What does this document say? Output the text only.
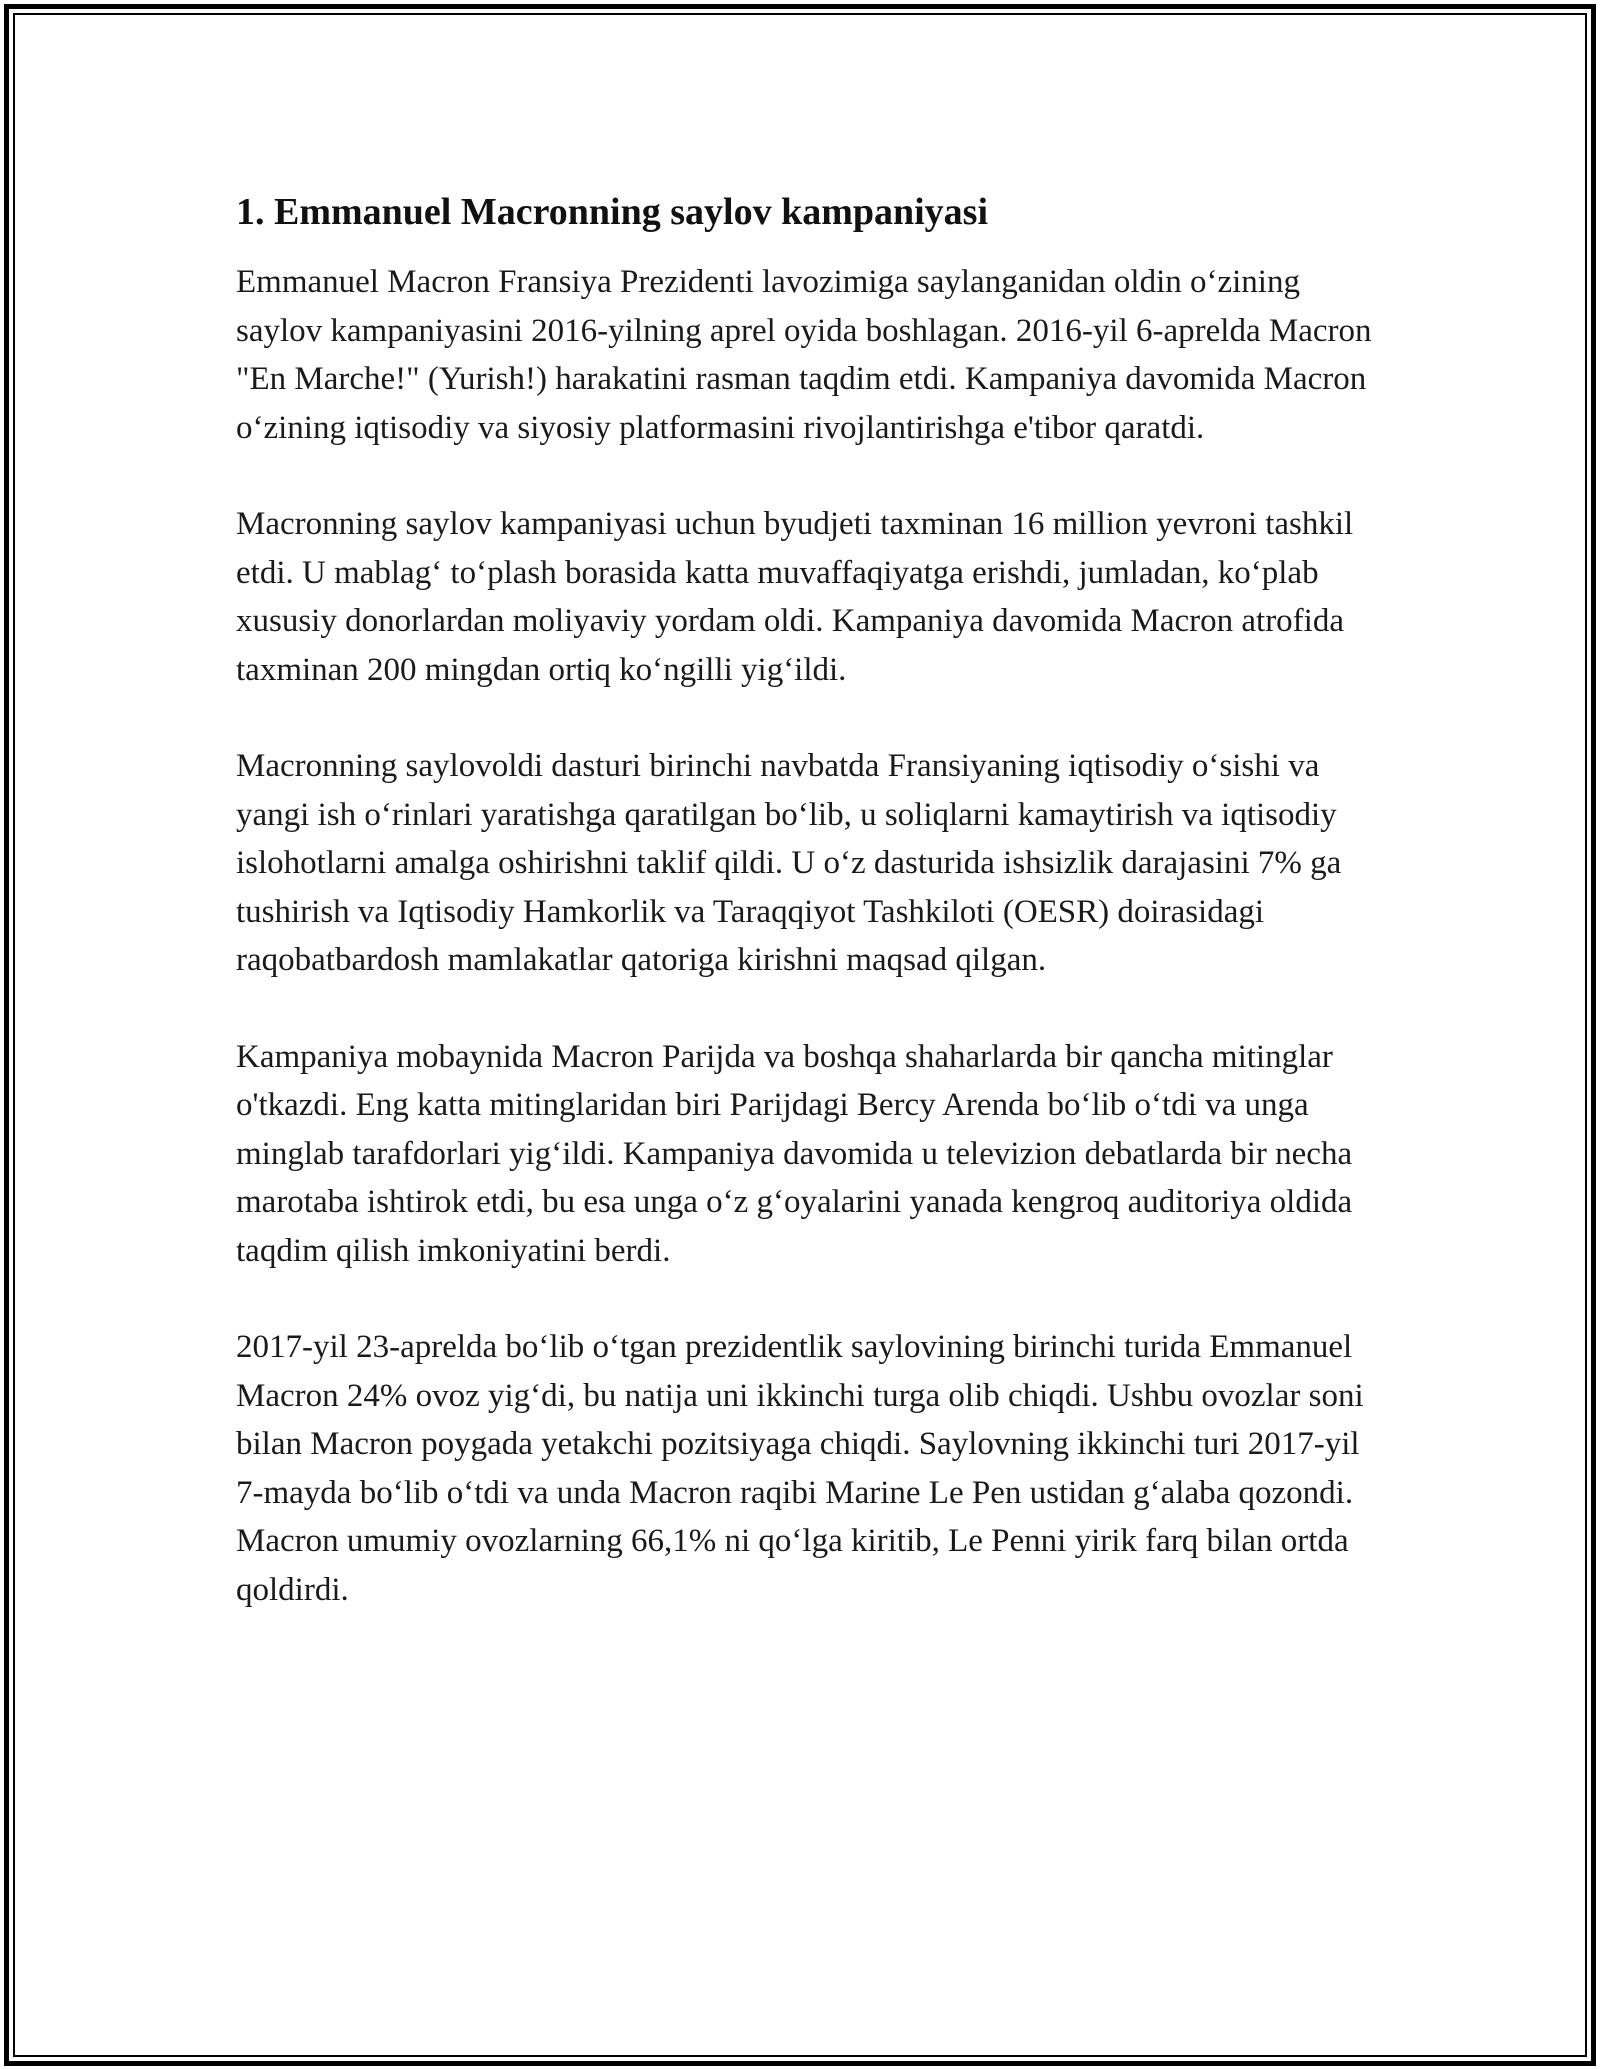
1. Emmanuel Macronning saylov kampaniyasi

Emmanuel Macron Fransiya Prezidenti lavozimiga saylanganidan oldin o‘zining saylov kampaniyasini 2016-yilning aprel oyida boshlagan. 2016-yil 6-aprelda Macron "En Marche!" (Yurish!) harakatini rasman taqdim etdi. Kampaniya davomida Macron o‘zining iqtisodiy va siyosiy platformasini rivojlantirishga e'tibor qaratdi.

Macronning saylov kampaniyasi uchun byudjeti taxminan 16 million yevroni tashkil etdi. U mablag‘ to‘plash borasida katta muvaffaqiyatga erishdi, jumladan, ko‘plab xususiy donorlardan moliyaviy yordam oldi. Kampaniya davomida Macron atrofida taxminan 200 mingdan ortiq ko‘ngilli yig‘ildi.

Macronning saylovoldi dasturi birinchi navbatda Fransiyaning iqtisodiy o‘sishi va yangi ish o‘rinlari yaratishga qaratilgan bo‘lib, u soliqlarni kamaytirish va iqtisodiy islohotlarni amalga oshirishni taklif qildi. U o‘z dasturida ishsizlik darajasini 7% ga tushirish va Iqtisodiy Hamkorlik va Taraqqiyot Tashkiloti (OESR) doirasidagi raqobatbardosh mamlakatlar qatoriga kirishni maqsad qilgan.

Kampaniya mobaynida Macron Parijda va boshqa shaharlarda bir qancha mitinglar o'tkazdi. Eng katta mitinglaridan biri Parijdagi Bercy Arenda bo‘lib o‘tdi va unga minglab tarafdorlari yig‘ildi. Kampaniya davomida u televizion debatlarda bir necha marotaba ishtirok etdi, bu esa unga o‘z g‘oyalarini yanada kengroq auditoriya oldida taqdim qilish imkoniyatini berdi.

2017-yil 23-aprelda bo‘lib o‘tgan prezidentlik saylovining birinchi turida Emmanuel Macron 24% ovoz yig‘di, bu natija uni ikkinchi turga olib chiqdi. Ushbu ovozlar soni bilan Macron poygada yetakchi pozitsiyaga chiqdi. Saylovning ikkinchi turi 2017-yil 7-mayda bo‘lib o‘tdi va unda Macron raqibi Marine Le Pen ustidan g‘alaba qozondi. Macron umumiy ovozlarning 66,1% ni qo‘lga kiritib, Le Penni yirik farq bilan ortda qoldirdi.
